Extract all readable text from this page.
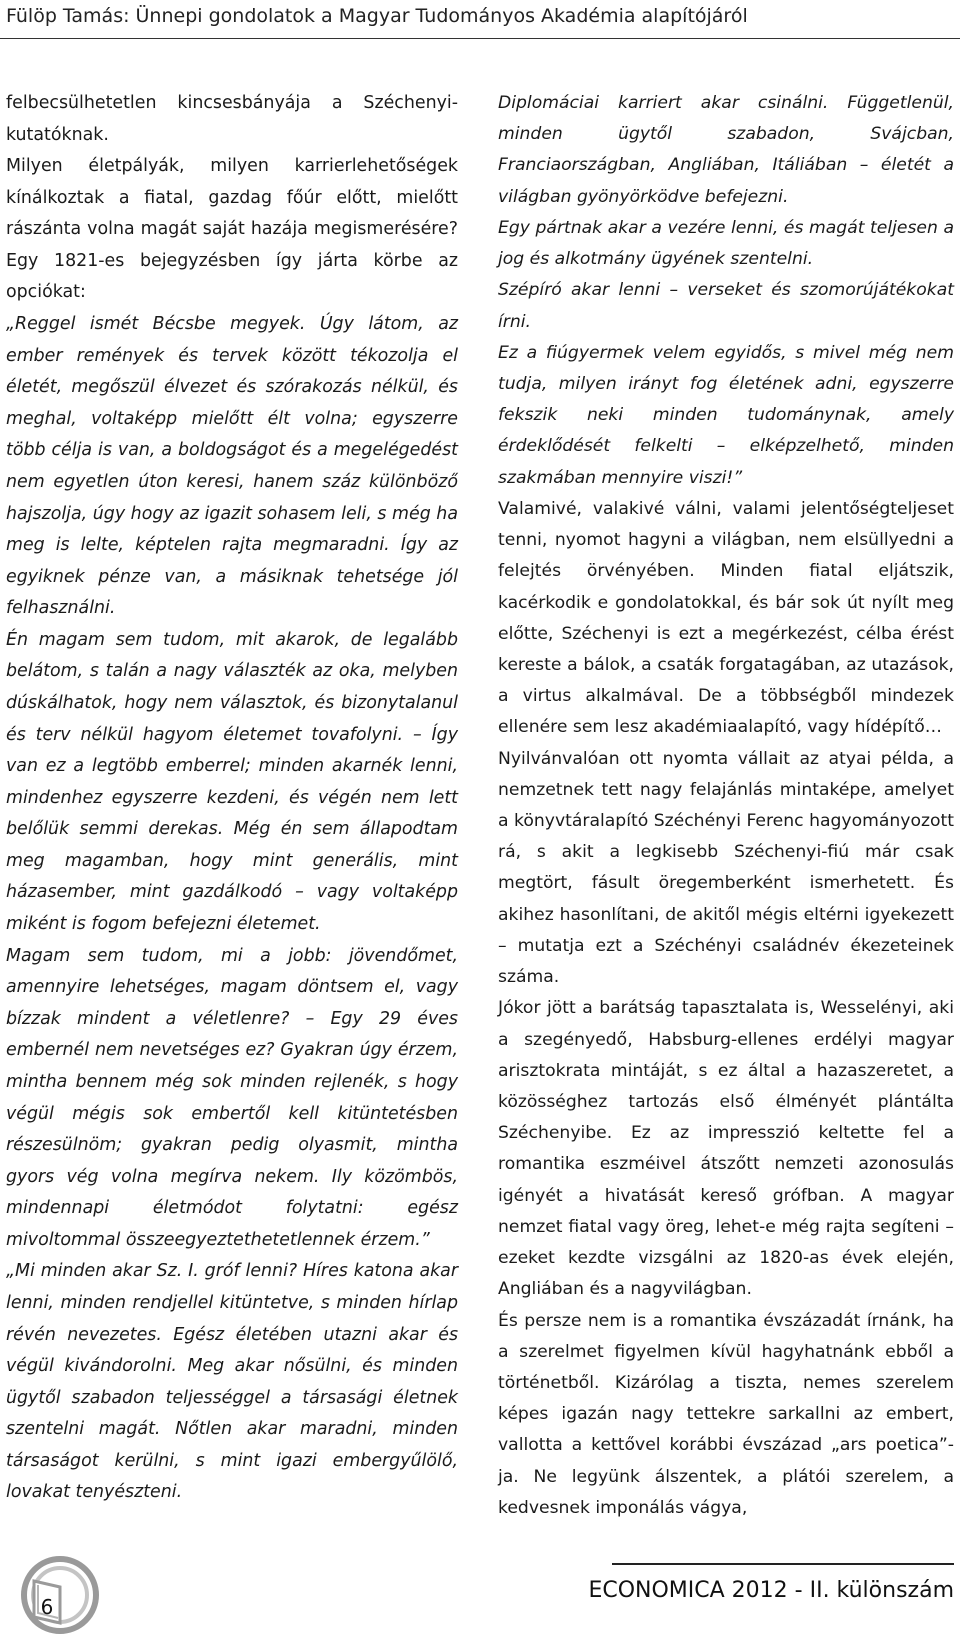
Fülöp Tamás: Ünnepi gondolatok a Magyar Tudományos Akadémia alapítójáról

felbecsülhetetlen kincsesbányája a Széchenyi-kutatóknak.

Milyen életpályák, milyen karrierlehetőségek kínálkoztak a fiatal, gazdag főúr előtt, mielőtt rászánta volna magát saját hazája megismerésére? Egy 1821-es bejegyzésben így járta körbe az opciókat:

„Reggel ismét Bécsbe megyek. Úgy látom, az ember remények és tervek között tékozolja el életét, megőszül élvezet és szórakozás nélkül, és meghal, voltaképp mielőtt élt volna; egyszerre több célja is van, a boldogságot és a megelégedést nem egyetlen úton keresi, hanem száz különböző hajszolja, úgy hogy az igazit sohasem leli, s még ha meg is lelte, képtelen rajta megmaradni. Így az egyiknek pénze van, a másiknak tehetsége jól felhasználni.

Én magam sem tudom, mit akarok, de legalább belátom, s talán a nagy választék az oka, melyben dúskálhatok, hogy nem választok, és bizonytalanul és terv nélkül hagyom életemet tovafolyni. – Így van ez a legtöbb emberrel; minden akarnék lenni, mindenhez egyszerre kezdeni, és végén nem lett belőlük semmi derekas. Még én sem állapodtam meg magamban, hogy mint generális, mint házasember, mint gazdálkodó – vagy voltaképp miként is fogom befejezni életemet.

Magam sem tudom, mi a jobb: jövendőmet, amennyire lehetséges, magam döntsem el, vagy bízzak mindent a véletlenre? – Egy 29 éves embernél nem nevetséges ez? Gyakran úgy érzem, mintha bennem még sok minden rejlenék, s hogy végül mégis sok embertől kell kitüntetésben részesülnöm; gyakran pedig olyasmit, mintha gyors vég volna megírva nekem. Ily közömbös, mindennapi életmódot folytatni: egész mivoltommal összeegyeztethetetlennek érzem.”

„Mi minden akar Sz. I. gróf lenni? Híres katona akar lenni, minden rendjellel kitüntetve, s minden hírlap révén nevezetes. Egész életében utazni akar és végül kivándorolni. Meg akar nősülni, és minden ügytől szabadon teljességgel a társasági életnek szentelni magát. Nőtlen akar maradni, minden társaságot kerülni, s mint igazi embergyűlölő, lovakat tenyészteni.

Diplomáciai karriert akar csinálni. Függetlenül, minden ügytől szabadon, Svájcban, Franciaországban, Angliában, Itáliában – életét a világban gyönyörködve befejezni.

Egy pártnak akar a vezére lenni, és magát teljesen a jog és alkotmány ügyének szentelni.

Szépíró akar lenni – verseket és szomorújátékokat írni.

Ez a fiúgyermek velem egyidős, s mivel még nem tudja, milyen irányt fog életének adni, egyszerre fekszik neki minden tudománynak, amely érdeklődését felkelti – elképzelhető, minden szakmában mennyire viszi!”

Valamivé, valakivé válni, valami jelentőségteljeset tenni, nyomot hagyni a világban, nem elsüllyedni a felejtés örvényében. Minden fiatal eljátszik, kacérkodik e gondolatokkal, és bár sok út nyílt meg előtte, Széchenyi is ezt a megérkezést, célba érést kereste a bálok, a csaták forgatagában, az utazások, a virtus alkalmával. De a többségből mindezek ellenére sem lesz akadémiaalapító, vagy hídépítő…

Nyilvánvalóan ott nyomta vállait az atyai példa, a nemzetnek tett nagy felajánlás mintaképe, amelyet a könyvtáralapító Széchényi Ferenc hagyományozott rá, s akit a legkisebb Széchenyi-fiú már csak megtört, fásult öregemberként ismerhetett. És akihez hasonlítani, de akitől mégis eltérni igyekezett – mutatja ezt a Széchényi családnév ékezeteinek száma.

Jókor jött a barátság tapasztalata is, Wesselényi, aki a szegényedő, Habsburg-ellenes erdélyi magyar arisztokrata mintáját, s ez által a hazaszeretet, a közösséghez tartozás első élményét plántálta Széchenyibe. Ez az impresszió keltette fel a romantika eszméivel átszőtt nemzeti azonosulás igényét a hivatását kereső grófban. A magyar nemzet fiatal vagy öreg, lehet-e még rajta segíteni – ezeket kezdte vizsgálni az 1820-as évek elején, Angliában és a nagyvilágban.

És persze nem is a romantika évszázadát írnánk, ha a szerelmet figyelmen kívül hagyhatnánk ebből a történetből. Kizárólag a tiszta, nemes szerelem képes igazán nagy tettekre sarkallni az embert, vallotta a kettővel korábbi évszázad „ars poetica”-ja. Ne legyünk álszentek, a plátói szerelem, a kedvesnek imponálás vágya,

6
ECONOMICA 2012 - II. különszám
